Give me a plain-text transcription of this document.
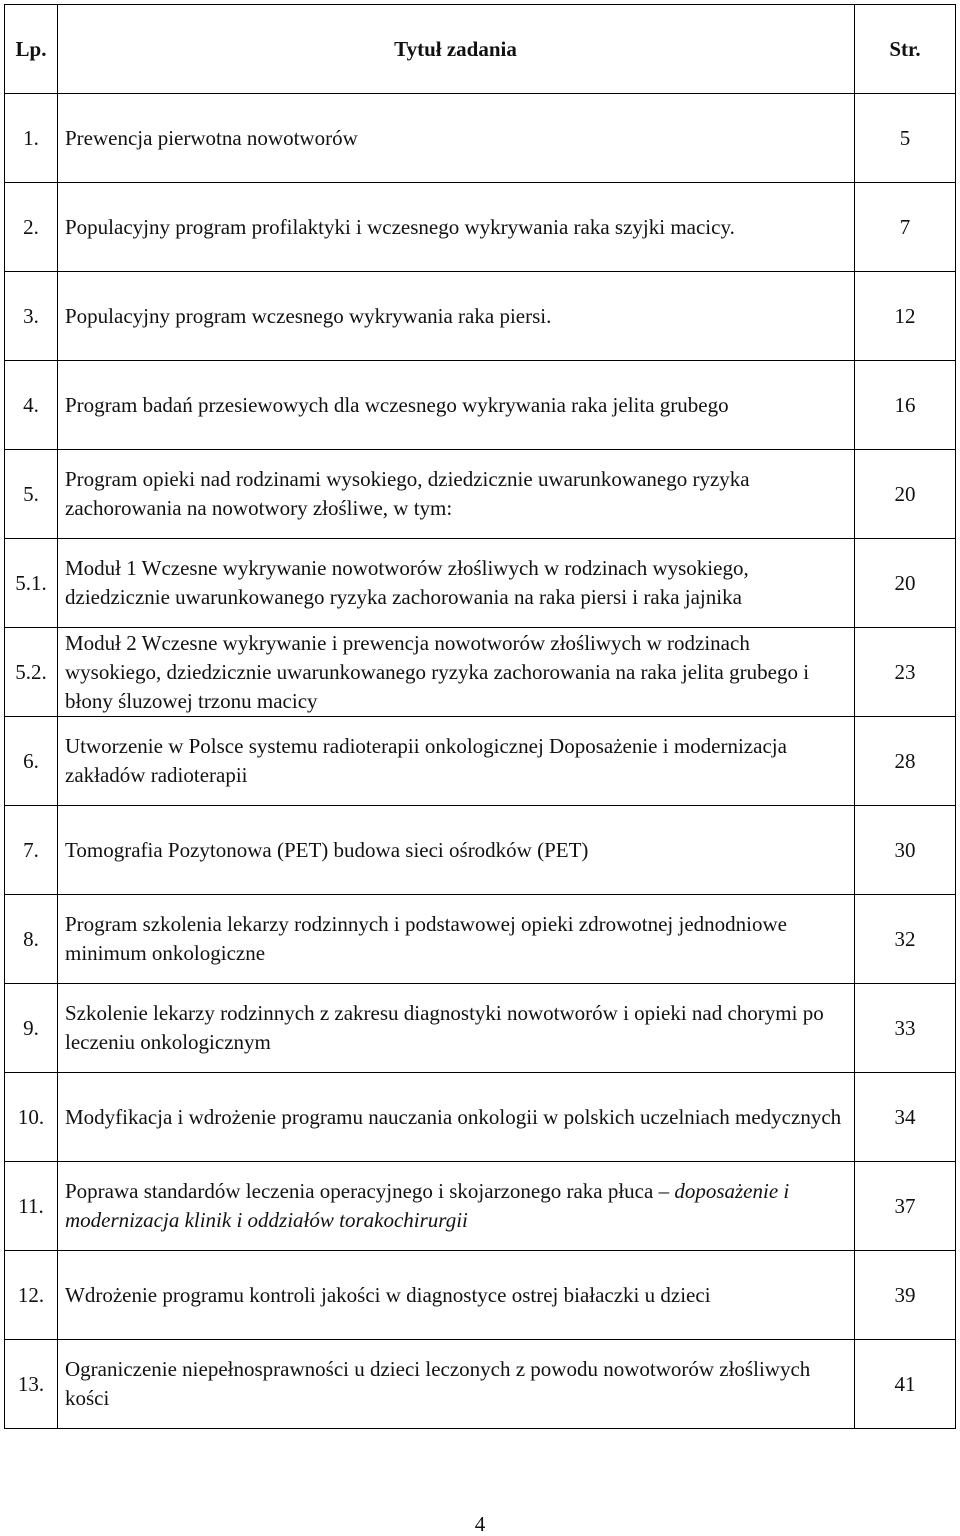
Lp.	Tytuł zadania	Str.
1.	Prewencja pierwotna nowotworów	5
2.	Populacyjny program profilaktyki i wczesnego wykrywania raka szyjki macicy.	7
3.	Populacyjny program wczesnego wykrywania raka piersi.	12
4.	Program badań przesiewowych dla wczesnego wykrywania raka jelita grubego	16
5.	Program opieki nad rodzinami wysokiego, dziedzicznie uwarunkowanego ryzyka zachorowania na nowotwory złośliwe, w tym:	20
5.1.	Moduł 1 Wczesne wykrywanie nowotworów złośliwych w rodzinach wysokiego, dziedzicznie uwarunkowanego ryzyka zachorowania na raka piersi i raka jajnika	20
5.2.	Moduł 2 Wczesne wykrywanie i prewencja nowotworów złośliwych w rodzinach wysokiego, dziedzicznie uwarunkowanego ryzyka zachorowania na raka jelita grubego i błony śluzowej trzonu macicy	23
6.	Utworzenie w Polsce systemu radioterapii onkologicznej Doposażenie i modernizacja zakładów radioterapii	28
7.	Tomografia Pozytonowa (PET) budowa sieci ośrodków (PET)	30
8.	Program szkolenia lekarzy rodzinnych i podstawowej opieki zdrowotnej jednodniowe minimum onkologiczne	32
9.	Szkolenie lekarzy rodzinnych z zakresu diagnostyki nowotworów i opieki nad chorymi po leczeniu onkologicznym	33
10.	Modyfikacja i wdrożenie programu nauczania onkologii w polskich uczelniach medycznych	34
11.	Poprawa standardów leczenia operacyjnego i skojarzonego raka płuca – doposażenie i modernizacja klinik i oddziałów torakochirurgii	37
12.	Wdrożenie programu kontroli jakości w diagnostyce ostrej białaczki u dzieci	39
13.	Ograniczenie niepełnosprawności u dzieci leczonych z powodu nowotworów złośliwych kości	41
4
